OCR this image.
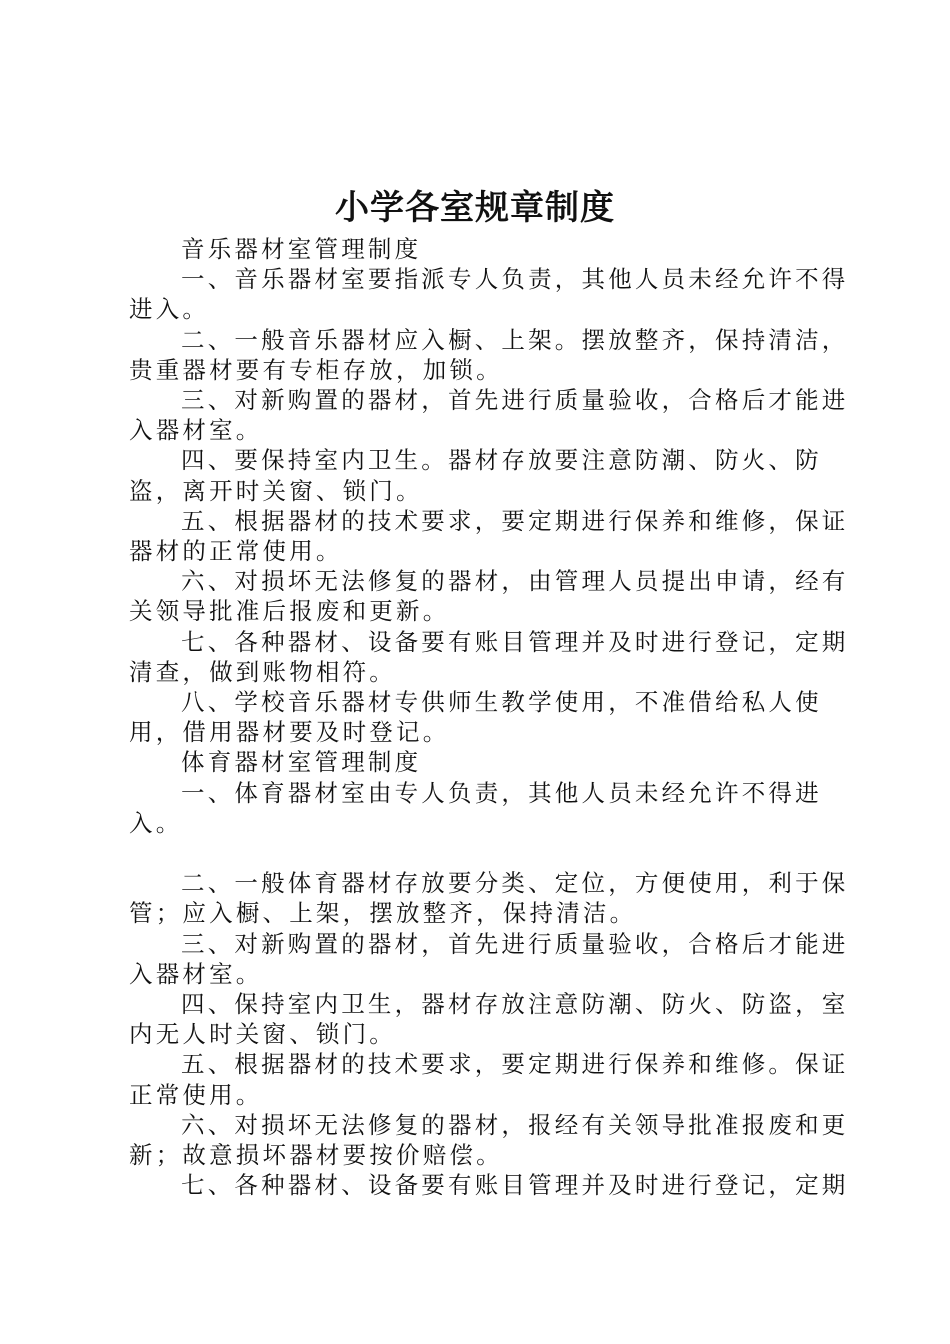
小学各室规章制度

音乐器材室管理制度

一、音乐器材室要指派专人负责，其他人员未经允许不得进入。

二、一般音乐器材应入橱、上架。摆放整齐，保持清洁，贵重器材要有专柜存放，加锁。

三、对新购置的器材，首先进行质量验收，合格后才能进入器材室。

四、要保持室内卫生。器材存放要注意防潮、防火、防盗，离开时关窗、锁门。

五、根据器材的技术要求，要定期进行保养和维修，保证器材的正常使用。

六、对损坏无法修复的器材，由管理人员提出申请，经有关领导批准后报废和更新。

七、各种器材、设备要有账目管理并及时进行登记，定期清查，做到账物相符。

八、学校音乐器材专供师生教学使用，不准借给私人使用，借用器材要及时登记。

体育器材室管理制度

一、体育器材室由专人负责，其他人员未经允许不得进入。

二、一般体育器材存放要分类、定位，方便使用，利于保管；应入橱、上架，摆放整齐，保持清洁。

三、对新购置的器材，首先进行质量验收，合格后才能进入器材室。

四、保持室内卫生，器材存放注意防潮、防火、防盗，室内无人时关窗、锁门。

五、根据器材的技术要求，要定期进行保养和维修。保证正常使用。

六、对损坏无法修复的器材，报经有关领导批准报废和更新；故意损坏器材要按价赔偿。

七、各种器材、设备要有账目管理并及时进行登记，定期
